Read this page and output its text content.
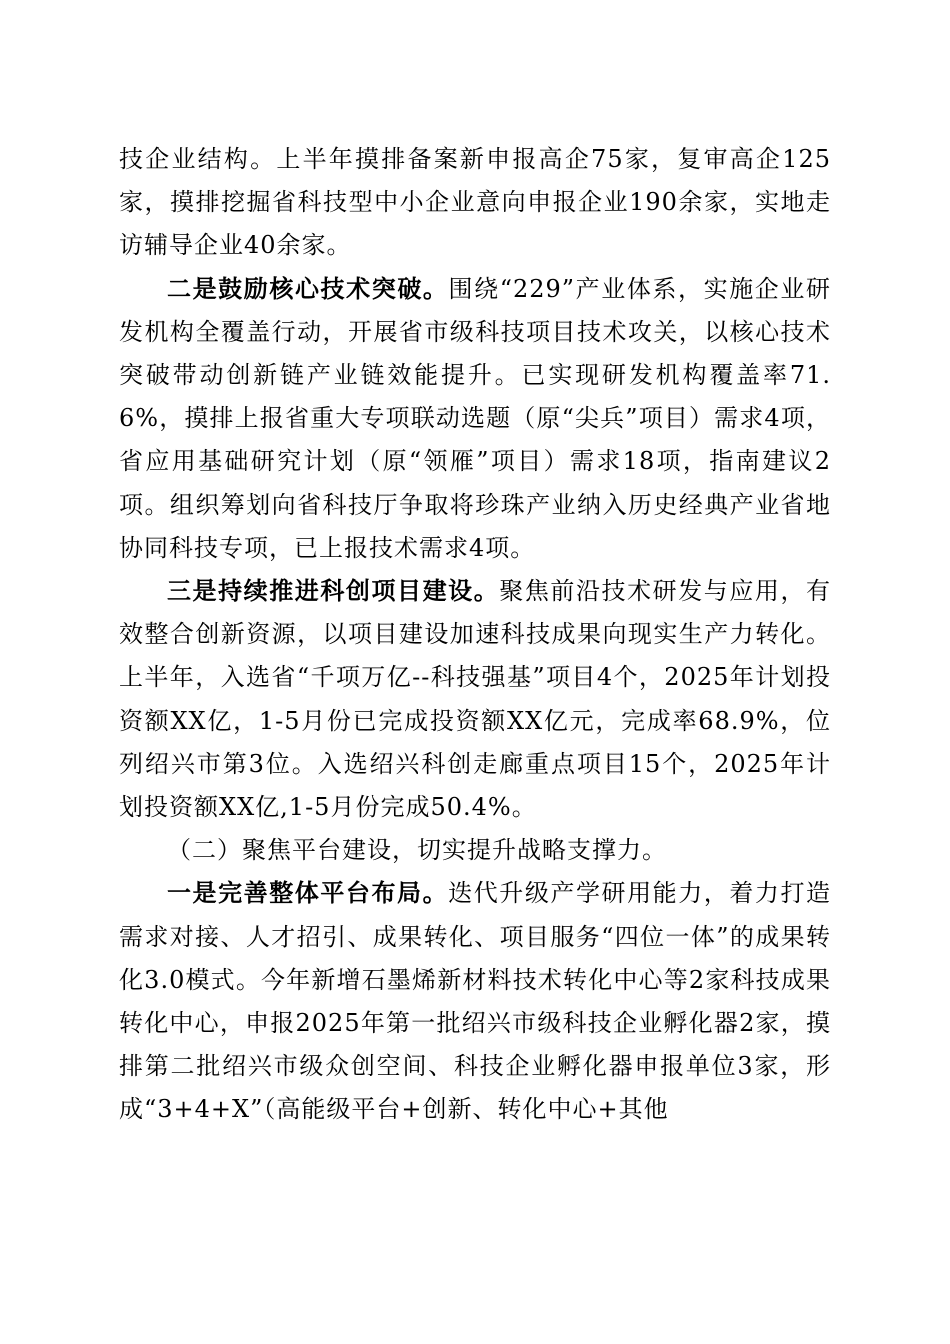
技企业结构。上半年摸排备案新申报高企75家，复审高企125家，摸排挖掘省科技型中小企业意向申报企业190余家，实地走访辅导企业40余家。

二是鼓励核心技术突破。围绕“229”产业体系，实施企业研发机构全覆盖行动，开展省市级科技项目技术攻关，以核心技术突破带动创新链产业链效能提升。已实现研发机构覆盖率71.6%，摸排上报省重大专项联动选题（原“尖兵”项目）需求4项，省应用基础研究计划（原“领雁”项目）需求18项，指南建议2项。组织筹划向省科技厅争取将珍珠产业纳入历史经典产业省地协同科技专项，已上报技术需求4项。

三是持续推进科创项目建设。聚焦前沿技术研发与应用，有效整合创新资源，以项目建设加速科技成果向现实生产力转化。上半年，入选省“千项万亿--科技强基”项目4个，2025年计划投资额XX亿，1-5月份已完成投资额XX亿元，完成率68.9%，位列绍兴市第3位。入选绍兴科创走廊重点项目15个，2025年计划投资额XX亿,1-5月份完成50.4%。

（二）聚焦平台建设，切实提升战略支撑力。

一是完善整体平台布局。迭代升级产学研用能力，着力打造需求对接、人才招引、成果转化、项目服务“四位一体”的成果转化3.0模式。今年新增石墨烯新材料技术转化中心等2家科技成果转化中心，申报2025年第一批绍兴市级科技企业孵化器2家，摸排第二批绍兴市级众创空间、科技企业孵化器申报单位3家，形成“3+4+X”（高能级平台+创新、转化中心+其他
